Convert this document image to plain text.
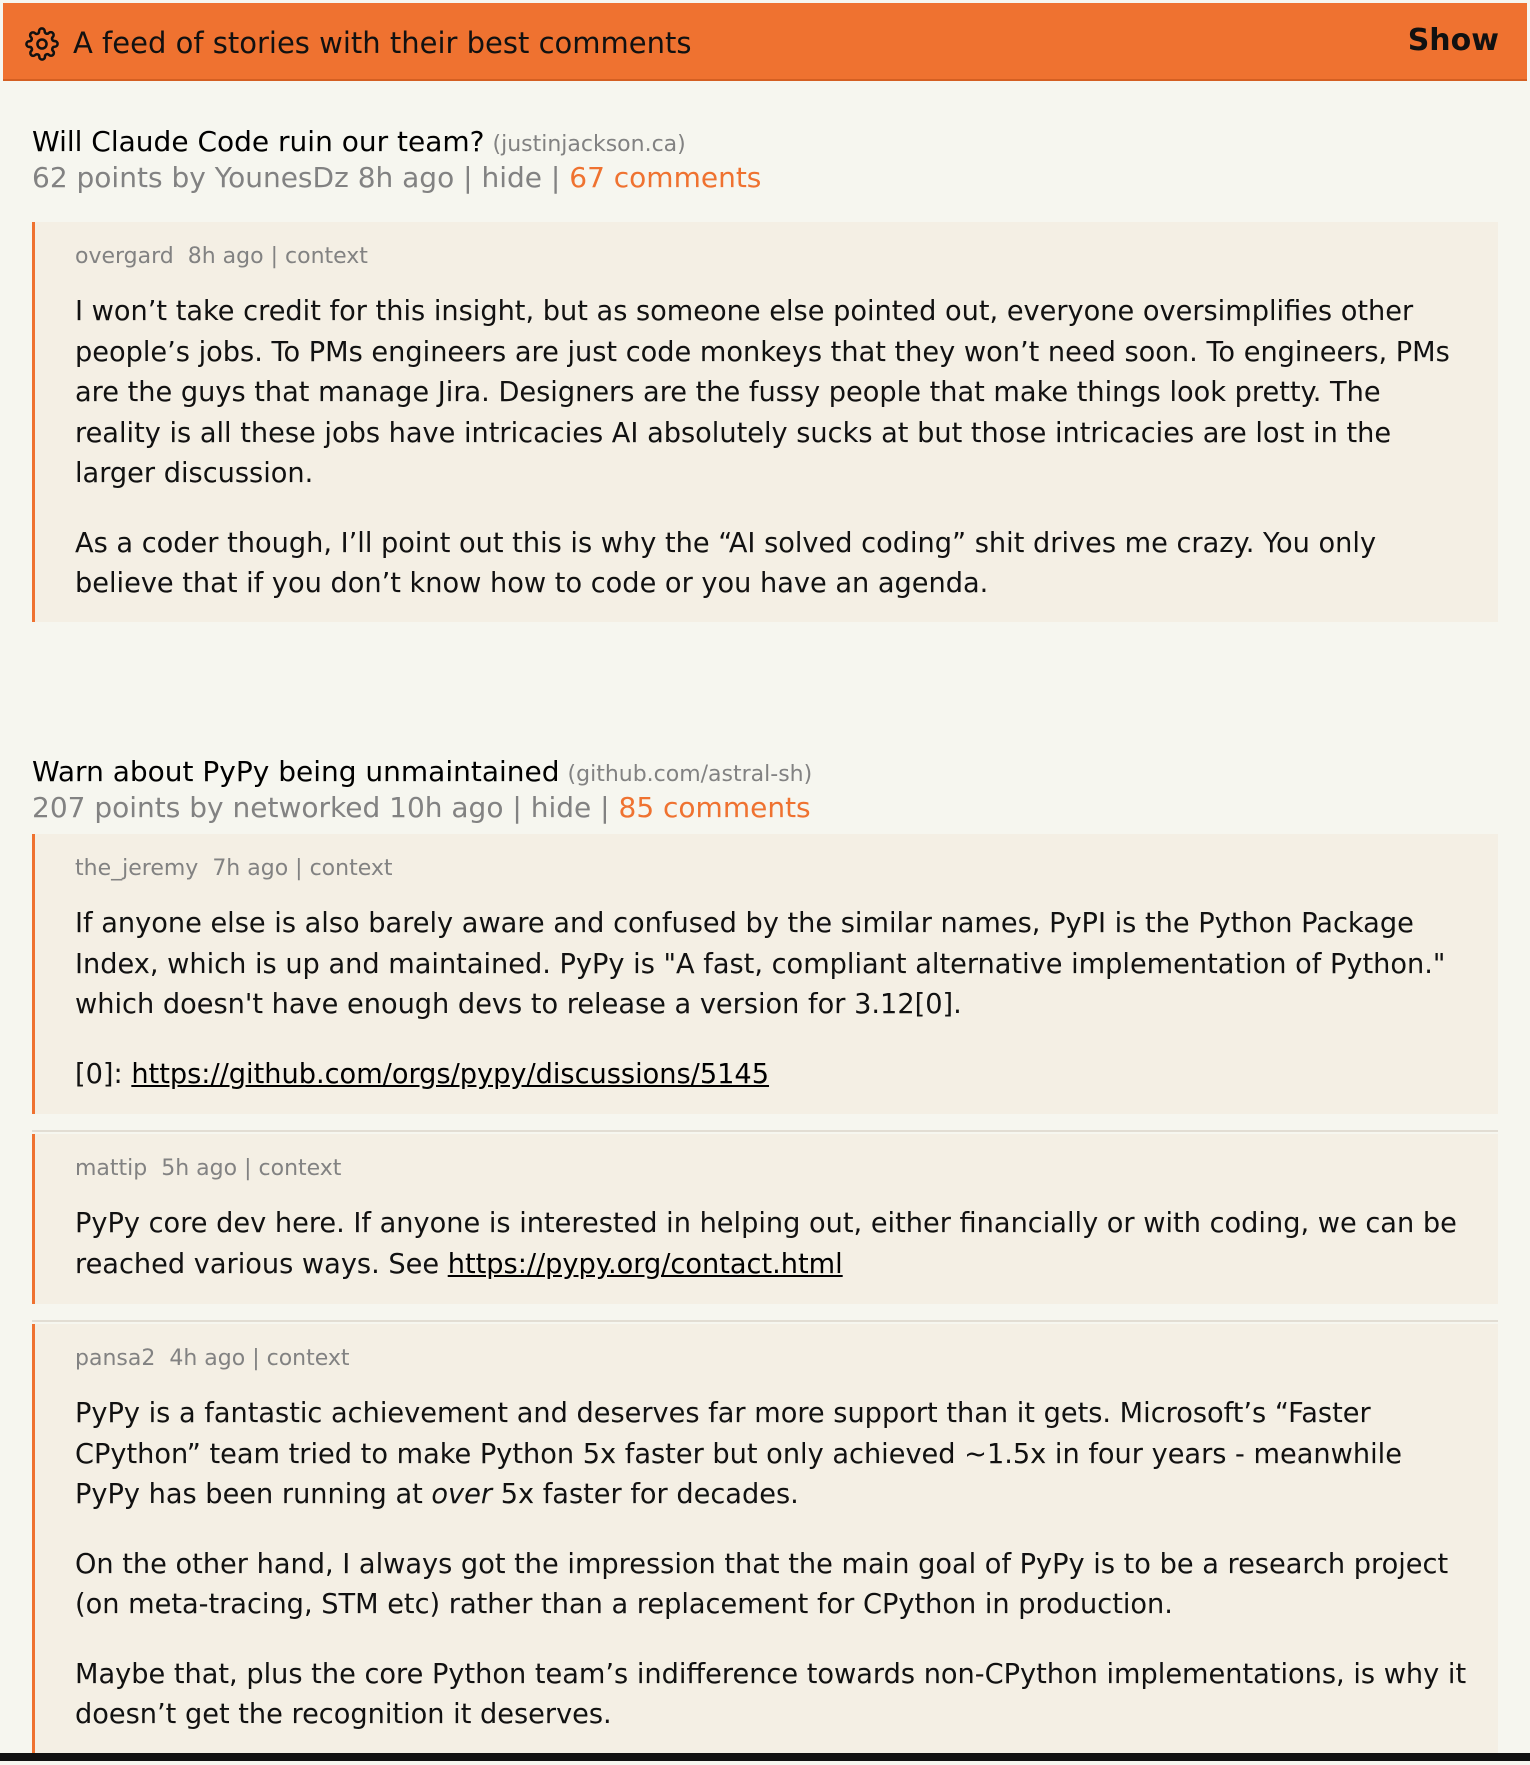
A feed of stories with their best comments	Show
Will Claude Code ruin our team? (justinjackson.ca)
62 points by YounesDz 8h ago | hide | 67 comments
overgard 8h ago | context

I won’t take credit for this insight, but as someone else pointed out, everyone oversimplifies other people’s jobs. To PMs engineers are just code monkeys that they won’t need soon. To engineers, PMs are the guys that manage Jira. Designers are the fussy people that make things look pretty. The reality is all these jobs have intricacies AI absolutely sucks at but those intricacies are lost in the larger discussion.

As a coder though, I’ll point out this is why the “AI solved coding” shit drives me crazy. You only believe that if you don’t know how to code or you have an agenda.

Warn about PyPy being unmaintained (github.com/astral-sh)
207 points by networked 10h ago | hide | 85 comments
the_jeremy 7h ago | context

If anyone else is also barely aware and confused by the similar names, PyPI is the Python Package Index, which is up and maintained. PyPy is "A fast, compliant alternative implementation of Python." which doesn't have enough devs to release a version for 3.12[0].

[0]: https://github.com/orgs/pypy/discussions/5145

mattip 5h ago | context

PyPy core dev here. If anyone is interested in helping out, either financially or with coding, we can be reached various ways. See https://pypy.org/contact.html

pansa2 4h ago | context

PyPy is a fantastic achievement and deserves far more support than it gets. Microsoft’s “Faster CPython” team tried to make Python 5x faster but only achieved ~1.5x in four years - meanwhile PyPy has been running at over 5x faster for decades.

On the other hand, I always got the impression that the main goal of PyPy is to be a research project (on meta-tracing, STM etc) rather than a replacement for CPython in production.

Maybe that, plus the core Python team’s indifference towards non-CPython implementations, is why it doesn’t get the recognition it deserves.
